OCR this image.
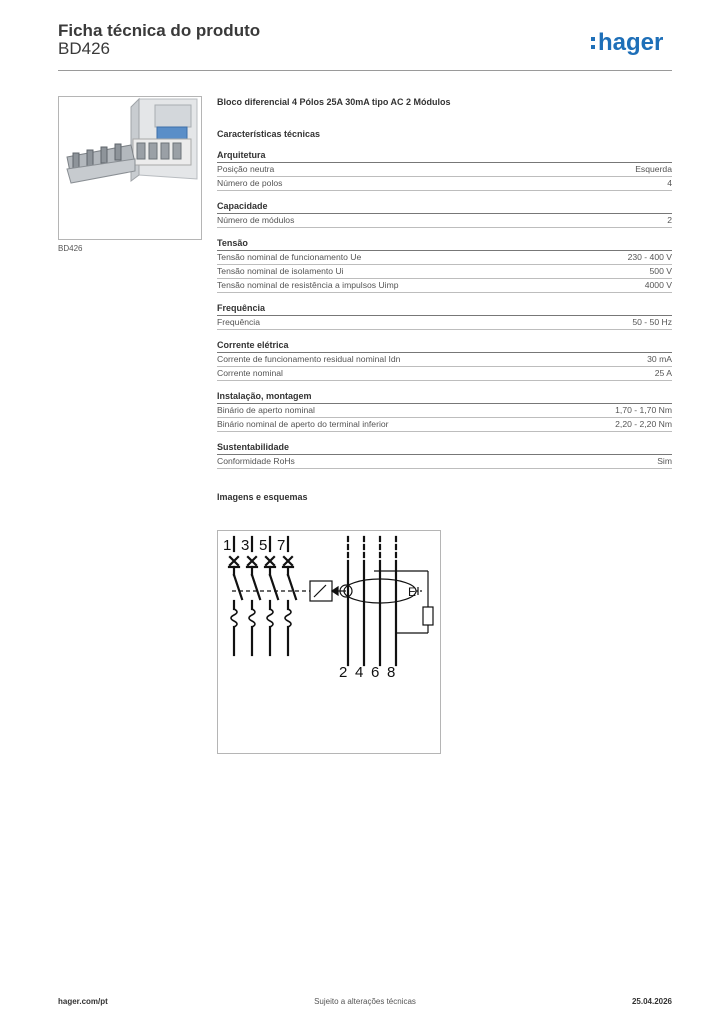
Ficha técnica do produto
BD426	hager
BD426
Bloco diferencial 4 Pólos 25A 30mA tipo AC 2 Módulos
Características técnicas
Arquitetura
Posição neutra	Esquerda
Número de polos	4
Capacidade
Número de módulos	2
Tensão
Tensão nominal de funcionamento Ue	230 - 400 V
Tensão nominal de isolamento Ui	500 V
Tensão nominal de resistência a impulsos Uimp	4000 V
Frequência
Frequência	50 - 50 Hz
Corrente elétrica
Corrente de funcionamento residual nominal Idn	30 mA
Corrente nominal	25 A
Instalação, montagem
Binário de aperto nominal	1,70 - 1,70 Nm
Binário nominal de aperto do terminal inferior	2,20 - 2,20 Nm
Sustentabilidade
Conformidade RoHs	Sim
Imagens e esquemas
1 3 5 7
2 4 6 8
E
hager.com/pt	Sujeito a alterações técnicas	25.04.2026
